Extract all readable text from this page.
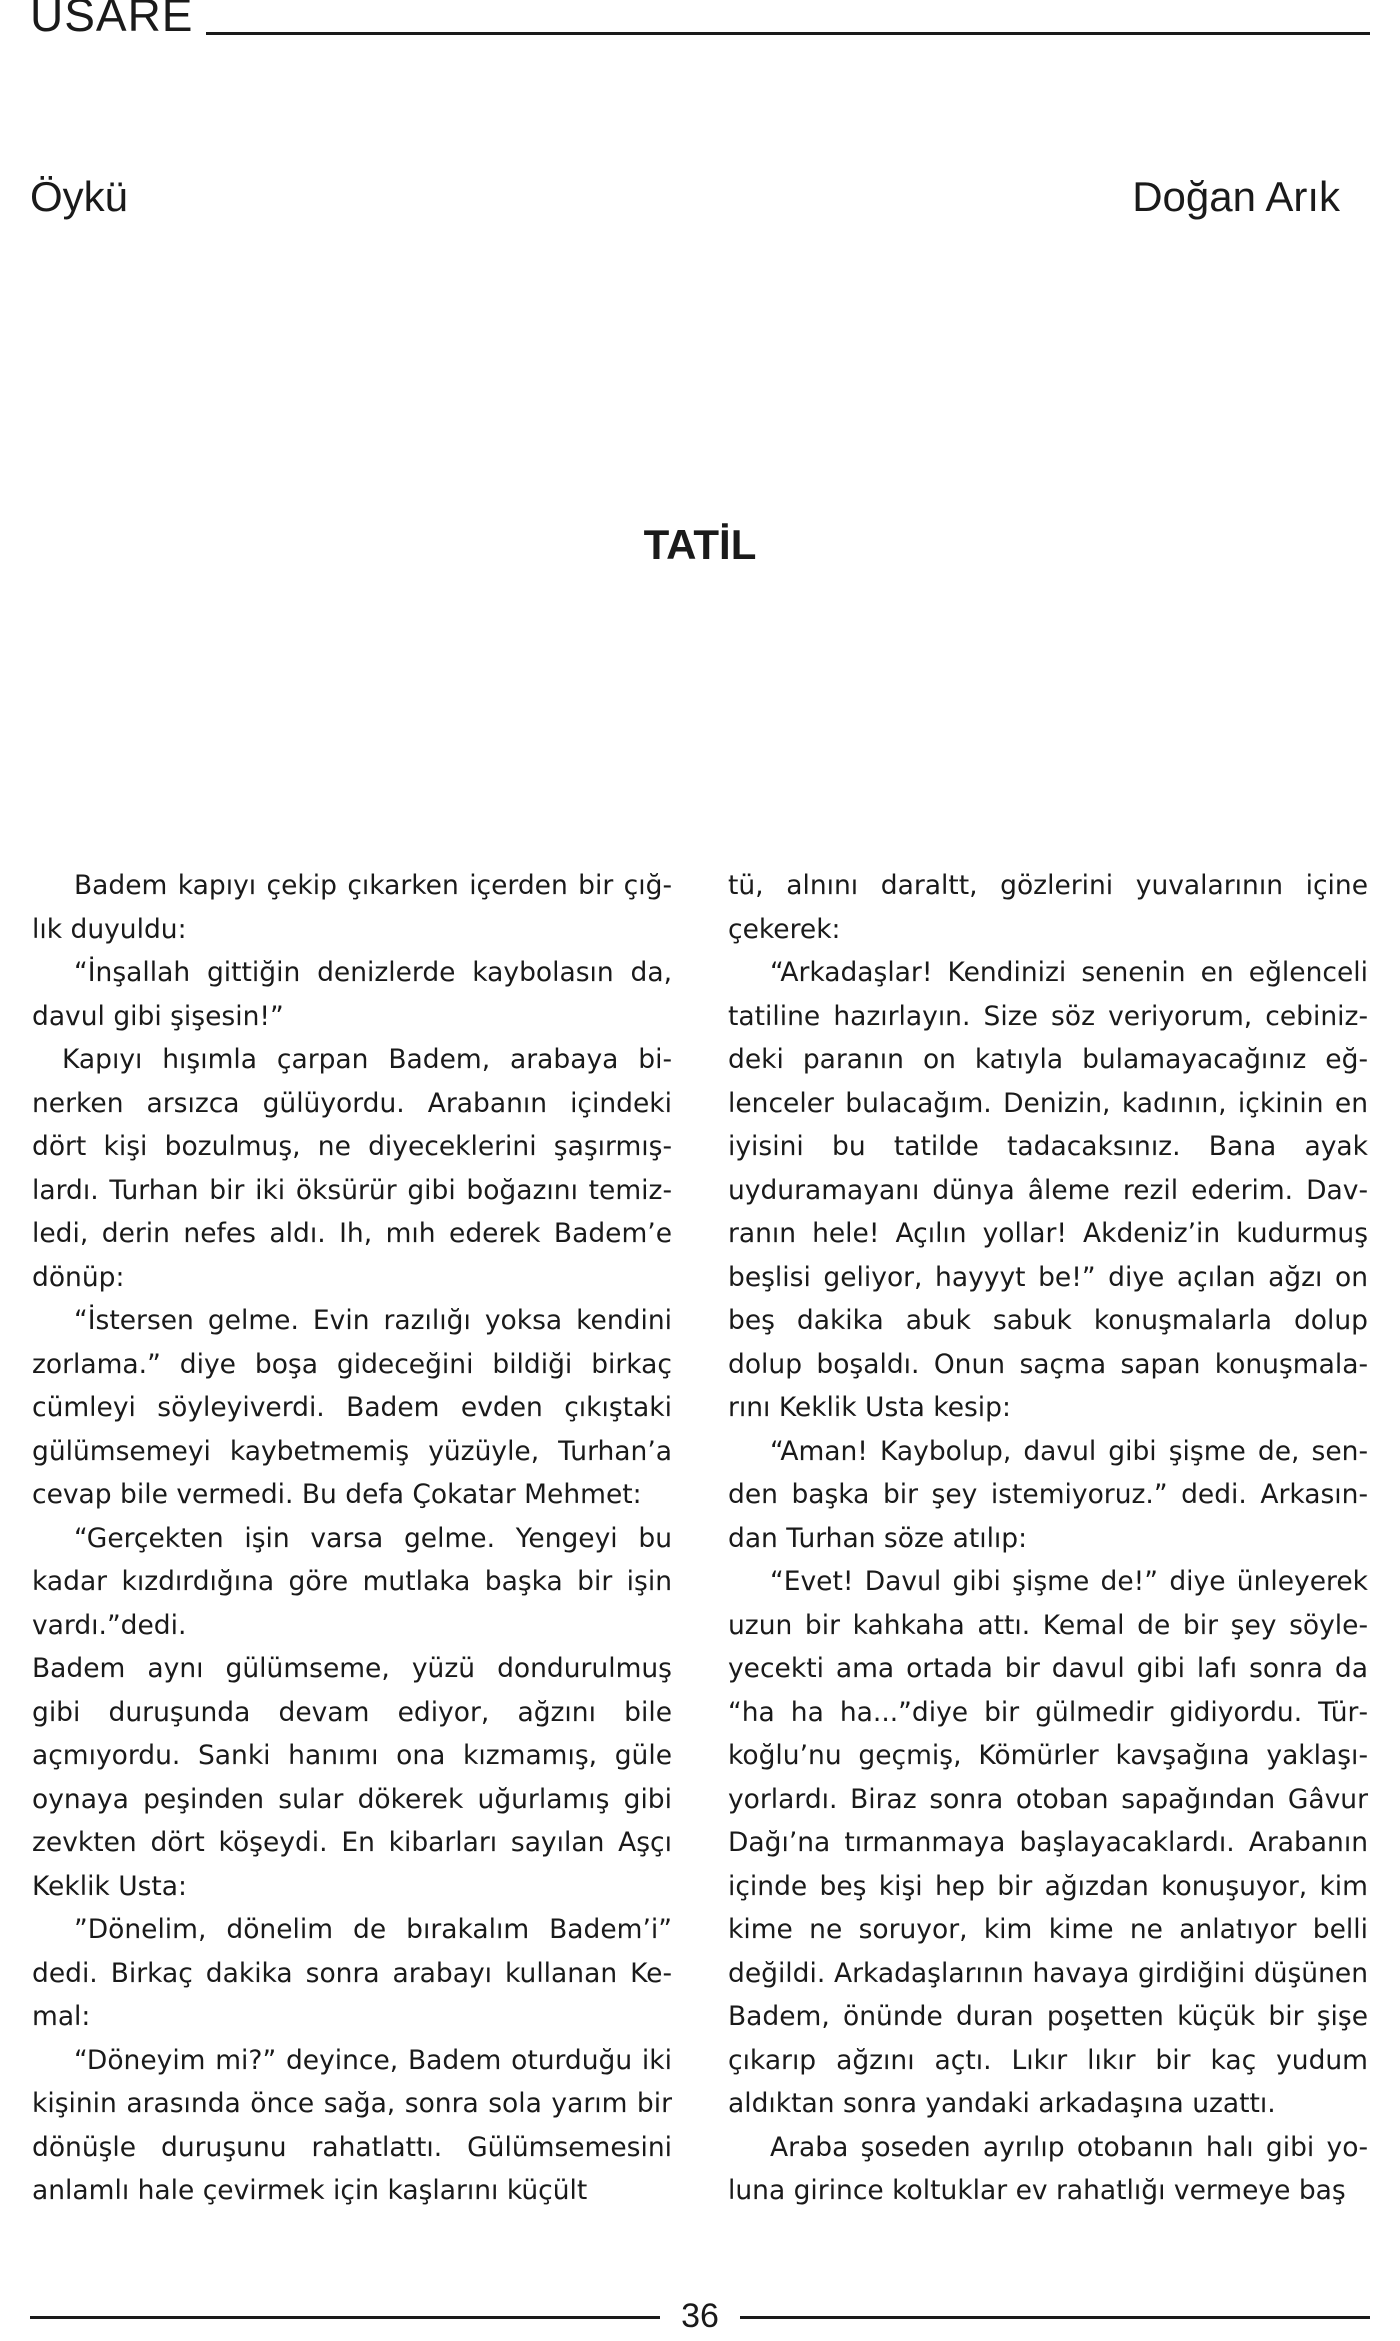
USARE
Öykü	Doğan Arık
TATİL

Badem kapıyı çekip çıkarken içerden bir çığlık duyuldu:

“İnşallah gittiğin denizlerde kaybolasın da, davul gibi şişesin!”

Kapıyı hışımla çarpan Badem, arabaya binerken arsızca gülüyordu. Arabanın içindeki dört kişi bozulmuş, ne diyeceklerini şaşırmışlardı. Turhan bir iki öksürür gibi boğazını temizledi, derin nefes aldı. Ih, mıh ederek Badem’e dönüp:

“İstersen gelme. Evin razılığı yoksa kendini zorlama.” diye boşa gideceğini bildiği birkaç cümleyi söyleyiverdi. Badem evden çıkıştaki gülümsemeyi kaybetmemiş yüzüyle, Turhan’a cevap bile vermedi. Bu defa Çokatar Mehmet:

“Gerçekten işin varsa gelme. Yengeyi bu kadar kızdırdığına göre mutlaka başka bir işin vardı.”dedi.

Badem aynı gülümseme, yüzü dondurulmuş gibi duruşunda devam ediyor, ağzını bile açmıyordu. Sanki hanımı ona kızmamış, güle oynaya peşinden sular dökerek uğurlamış gibi zevkten dört köşeydi. En kibarları sayılan Aşçı Keklik Usta:

”Dönelim, dönelim de bırakalım Badem’i” dedi. Birkaç dakika sonra arabayı kullanan Kemal:

“Döneyim mi?” deyince, Badem oturduğu iki kişinin arasında önce sağa, sonra sola yarım bir dönüşle duruşunu rahatlattı. Gülümsemesini anlamlı hale çevirmek için kaşlarını küçült

tü, alnını daraltt, gözlerini yuvalarının içine çekerek:

“Arkadaşlar! Kendinizi senenin en eğlenceli tatiline hazırlayın. Size söz veriyorum, cebinizdeki paranın on katıyla bulamayacağınız eğlenceler bulacağım. Denizin, kadının, içkinin en iyisini bu tatilde tadacaksınız. Bana ayak uyduramayanı dünya âleme rezil ederim. Davranın hele! Açılın yollar! Akdeniz’in kudurmuş beşlisi geliyor, hayyyt be!” diye açılan ağzı on beş dakika abuk sabuk konuşmalarla dolup dolup boşaldı. Onun saçma sapan konuşmalarını Keklik Usta kesip:

“Aman! Kaybolup, davul gibi şişme de, senden başka bir şey istemiyoruz.” dedi. Arkasından Turhan söze atılıp:

“Evet! Davul gibi şişme de!” diye ünleyerek uzun bir kahkaha attı. Kemal de bir şey söyleyecekti ama ortada bir davul gibi lafı sonra da “ha ha ha...”diye bir gülmedir gidiyordu. Türkoğlu’nu geçmiş, Kömürler kavşağına yaklaşıyorlardı. Biraz sonra otoban sapağından Gâvur Dağı’na tırmanmaya başlayacaklardı. Arabanın içinde beş kişi hep bir ağızdan konuşuyor, kim kime ne soruyor, kim kime ne anlatıyor belli değildi. Arkadaşlarının havaya girdiğini düşünen Badem, önünde duran poşetten küçük bir şişe çıkarıp ağzını açtı. Lıkır lıkır bir kaç yudum aldıktan sonra yandaki arkadaşına uzattı.

Araba şoseden ayrılıp otobanın halı gibi yoluna girince koltuklar ev rahatlığı vermeye baş

36
